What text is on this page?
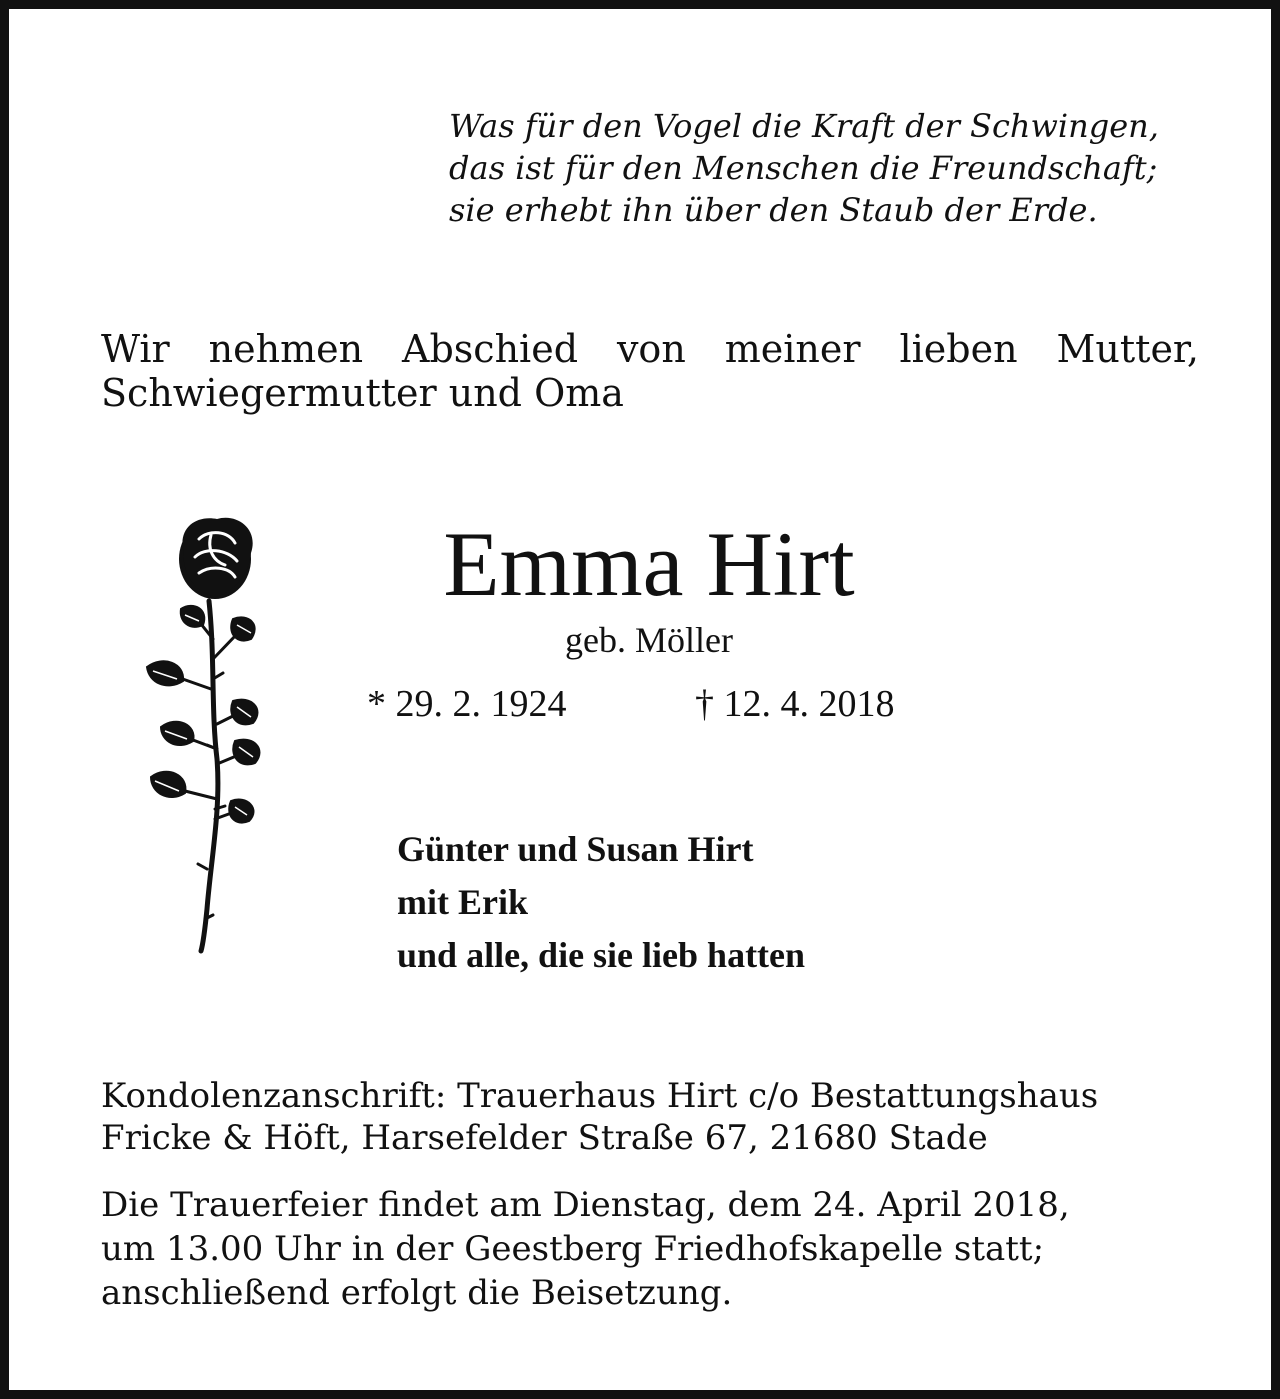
Was für den Vogel die Kraft der Schwingen,
das ist für den Menschen die Freundschaft;
sie erhebt ihn über den Staub der Erde.
Wir nehmen Abschied von meiner lieben Mutter,
Schwiegermutter und Oma
Emma Hirt
geb. Möller
* 29. 2. 1924	† 12. 4. 2018
Günter und Susan Hirt
mit Erik
und alle, die sie lieb hatten
Kondolenzanschrift: Trauerhaus Hirt c/o Bestattungshaus
Fricke & Höft, Harsefelder Straße 67, 21680 Stade
Die Trauerfeier findet am Dienstag, dem 24. April 2018,
um 13.00 Uhr in der Geestberg Friedhofskapelle statt;
anschließend erfolgt die Beisetzung.
